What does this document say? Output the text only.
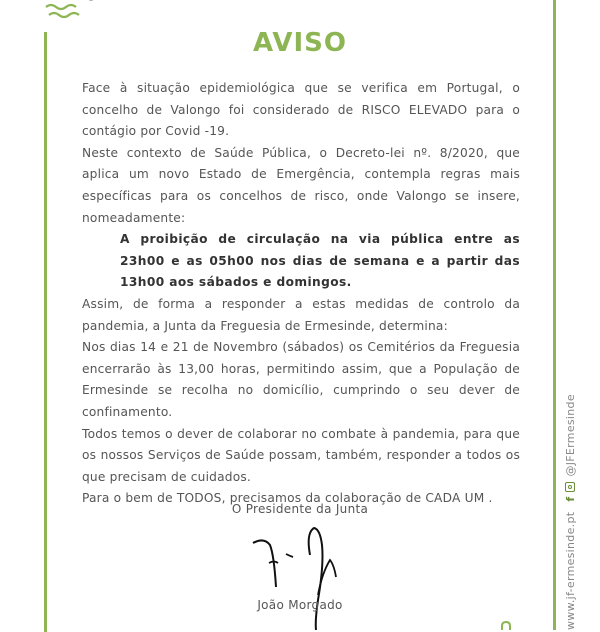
AVISO

Face à situação epidemiológica que se verifica em Portugal, o concelho de Valongo foi considerado de RISCO ELEVADO para o contágio por Covid -19.

Neste contexto de Saúde Pública, o Decreto-lei nº. 8/2020, que aplica um novo Estado de Emergência, contempla regras mais específicas para os concelhos de risco, onde Valongo se insere, nomeadamente:

A proibição de circulação na via pública entre as 23h00 e as 05h00 nos dias de semana e a partir das 13h00 aos sábados e domingos.

Assim, de forma a responder a estas medidas de controlo da pandemia, a Junta da Freguesia de Ermesinde, determina:

Nos dias 14 e 21 de Novembro (sábados) os Cemitérios da Freguesia encerrarão às 13,00 horas, permitindo assim, que a População de Ermesinde se recolha no domicílio, cumprindo o seu dever de confinamento.

Todos temos o dever de colaborar no combate à pandemia, para que os nossos Serviços de Saúde possam, também, responder a todos os que precisam de cuidados.

Para o bem de TODOS, precisamos da colaboração de CADA UM .

O Presidente da Junta
João Morgado	www.jf-ermesinde.pt
f
@JFErmesinde
